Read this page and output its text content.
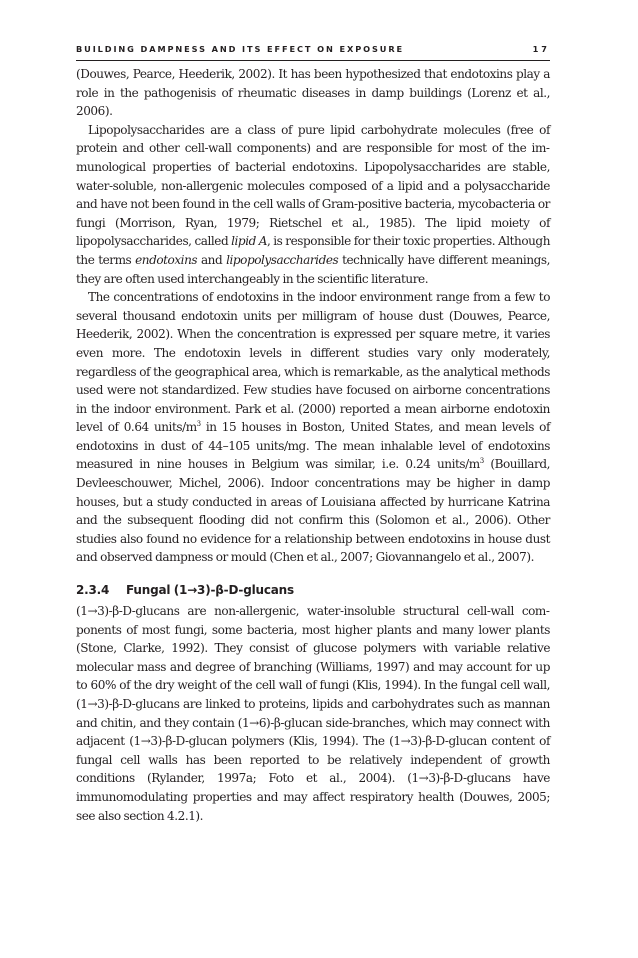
BUILDING DAMPNESS AND ITS EFFECT ON EXPOSURE	17

(Douwes, Pearce, Heederik, 2002). It has been hypothesized that endotoxins play a role in the pathogenisis of rheumatic diseases in damp buildings (Lorenz et al., 2006).

Lipopolysaccharides are a class of pure lipid carbohydrate molecules (free of protein and other cell-wall components) and are responsible for most of the immunological properties of bacterial endotoxins. Lipopolysaccharides are stable, water-soluble, non-allergenic molecules composed of a lipid and a polysaccharide and have not been found in the cell walls of Gram-positive bacteria, mycobacteria or fungi (Morrison, Ryan, 1979; Rietschel et al., 1985). The lipid moiety of lipopolysaccharides, called lipid A, is responsible for their toxic properties. Although the terms endotoxins and lipopolysaccharides technically have different meanings, they are often used interchangeably in the scientific literature.

The concentrations of endotoxins in the indoor environment range from a few to several thousand endotoxin units per milligram of house dust (Douwes, Pearce, Heederik, 2002). When the concentration is expressed per square metre, it varies even more. The endotoxin levels in different studies vary only moderately, regardless of the geographical area, which is remarkable, as the analytical methods used were not standardized. Few studies have focused on airborne concentrations in the indoor environment. Park et al. (2000) reported a mean airborne endotoxin level of 0.64 units/$m^3$ in 15 houses in Boston, United States, and mean levels of endotoxins in dust of 44–105 units/mg. The mean inhalable level of endotoxins measured in nine houses in Belgium was similar, i.e. 0.24 units/$m^3$ (Bouillard, Devleeschouwer, Michel, 2006). Indoor concentrations may be higher in damp houses, but a study conducted in areas of Louisiana affected by hurricane Katrina and the subsequent flooding did not confirm this (Solomon et al., 2006). Other studies also found no evidence for a relationship between endotoxins in house dust and observed dampness or mould (Chen et al., 2007; Giovannangelo et al., 2007).

2.3.4 Fungal (1→3)-β-D-glucans

(1→3)-β-D-glucans are non-allergenic, water-insoluble structural cell-wall components of most fungi, some bacteria, most higher plants and many lower plants (Stone, Clarke, 1992). They consist of glucose polymers with variable relative molecular mass and degree of branching (Williams, 1997) and may account for up to 60% of the dry weight of the cell wall of fungi (Klis, 1994). In the fungal cell wall, (1→3)-β-D-glucans are linked to proteins, lipids and carbohydrates such as mannan and chitin, and they contain (1→6)-β-glucan side-branches, which may connect with adjacent (1→3)-β-D-glucan polymers (Klis, 1994). The (1→3)-β-D-glucan content of fungal cell walls has been reported to be relatively independent of growth conditions (Rylander, 1997a; Foto et al., 2004). (1→3)-β-D-glucans have immunomodulating properties and may affect respiratory health (Douwes, 2005; see also section 4.2.1).
